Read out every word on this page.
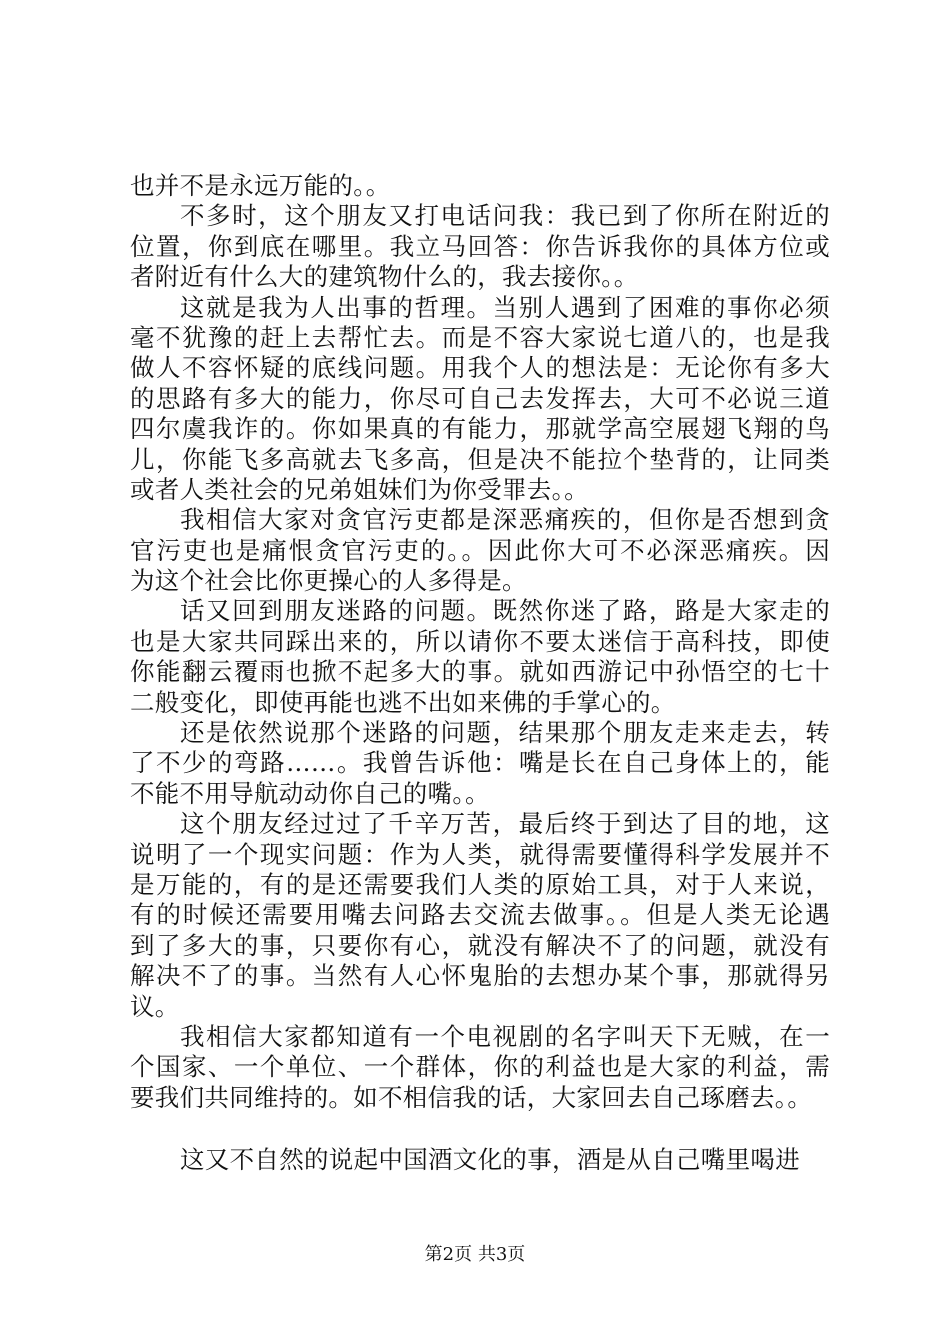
也并不是永远万能的。。
不多时，这个朋友又打电话问我：我已到了你所在附近的
位置，你到底在哪里。我立马回答：你告诉我你的具体方位或
者附近有什么大的建筑物什么的，我去接你。。
这就是我为人出事的哲理。当别人遇到了困难的事你必须
毫不犹豫的赶上去帮忙去。而是不容大家说七道八的，也是我
做人不容怀疑的底线问题。用我个人的想法是：无论你有多大
的思路有多大的能力，你尽可自己去发挥去，大可不必说三道
四尔虞我诈的。你如果真的有能力，那就学高空展翅飞翔的鸟
儿，你能飞多高就去飞多高，但是决不能拉个垫背的，让同类
或者人类社会的兄弟姐妹们为你受罪去。。
我相信大家对贪官污吏都是深恶痛疾的，但你是否想到贪
官污吏也是痛恨贪官污吏的。。因此你大可不必深恶痛疾。因
为这个社会比你更操心的人多得是。
话又回到朋友迷路的问题。既然你迷了路，路是大家走的
也是大家共同踩出来的，所以请你不要太迷信于高科技，即使
你能翻云覆雨也掀不起多大的事。就如西游记中孙悟空的七十
二般变化，即使再能也逃不出如来佛的手掌心的。
还是依然说那个迷路的问题，结果那个朋友走来走去，转
了不少的弯路……。我曾告诉他：嘴是长在自己身体上的，能
不能不用导航动动你自己的嘴。。
这个朋友经过过了千辛万苦，最后终于到达了目的地，这
说明了一个现实问题：作为人类，就得需要懂得科学发展并不
是万能的，有的是还需要我们人类的原始工具，对于人来说，
有的时候还需要用嘴去问路去交流去做事。。但是人类无论遇
到了多大的事，只要你有心，就没有解决不了的问题，就没有
解决不了的事。当然有人心怀鬼胎的去想办某个事，那就得另
议。
我相信大家都知道有一个电视剧的名字叫天下无贼，在一
个国家、一个单位、一个群体，你的利益也是大家的利益，需
要我们共同维持的。如不相信我的话，大家回去自己琢磨去。。
这又不自然的说起中国酒文化的事，酒是从自己嘴里喝进
第2页 共3页
